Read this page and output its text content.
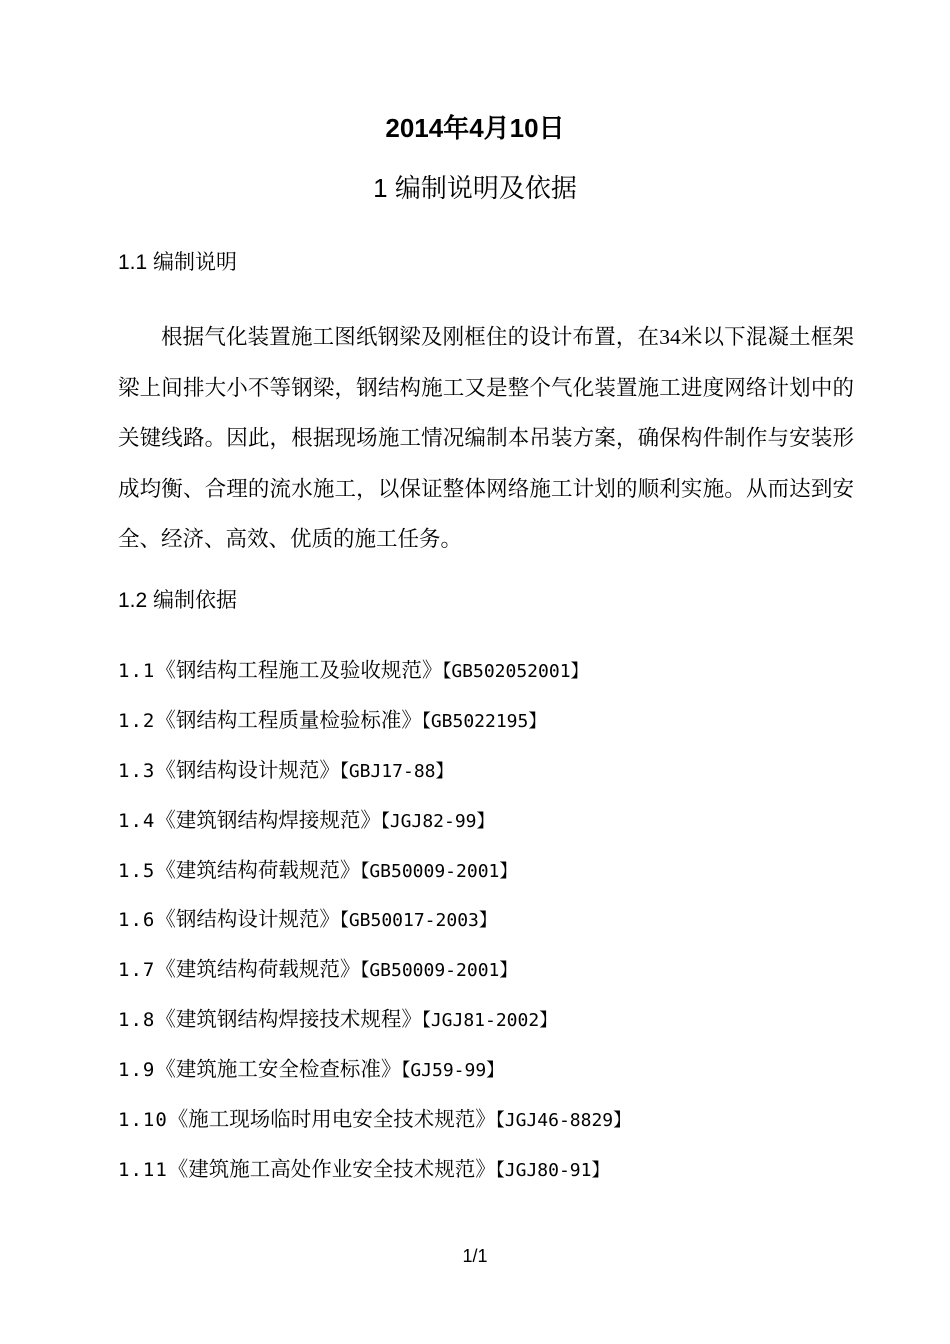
2014年4月10日
1 编制说明及依据
1.1 编制说明

根据气化装置施工图纸钢梁及刚框住的设计布置，在34米以下混凝土框架梁上间排大小不等钢梁，钢结构施工又是整个气化装置施工进度网络计划中的关键线路。因此，根据现场施工情况编制本吊装方案，确保构件制作与安装形成均衡、合理的流水施工，以保证整体网络施工计划的顺利实施。从而达到安全、经济、高效、优质的施工任务。

1.2 编制依据
1.1《钢结构工程施工及验收规范》【GB502052001】
1.2《钢结构工程质量检验标准》【GB5022195】
1.3《钢结构设计规范》【GBJ17-88】
1.4《建筑钢结构焊接规范》【JGJ82-99】
1.5《建筑结构荷载规范》【GB50009-2001】
1.6《钢结构设计规范》【GB50017-2003】
1.7《建筑结构荷载规范》【GB50009-2001】
1.8《建筑钢结构焊接技术规程》【JGJ81-2002】
1.9《建筑施工安全检查标准》【GJ59-99】
1.10《施工现场临时用电安全技术规范》【JGJ46-8829】
1.11《建筑施工高处作业安全技术规范》【JGJ80-91】
1/1
